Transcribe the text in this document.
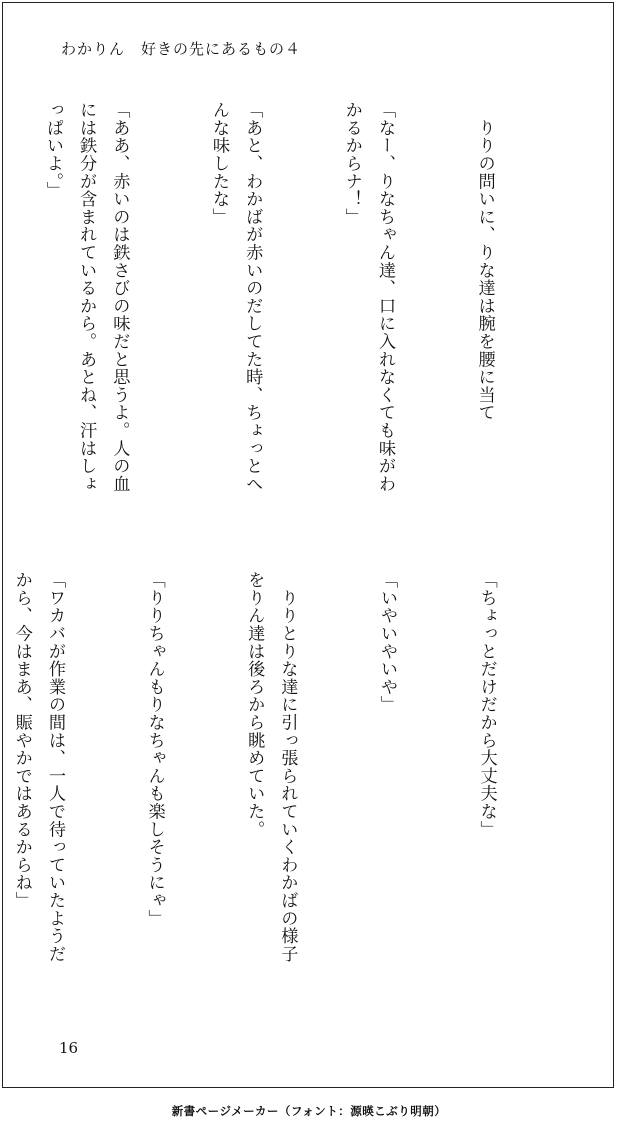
わかりん　好きの先にあるもの４

　りりの問いに、りな達は腕を腰に当て

「なー、りなちゃん達、口に入れなくても味がわ
かるからナ！」

「あと、わかばが赤いのだしてた時、ちょっとへ
んな味したな」

「ああ、赤いのは鉄さびの味だと思うよ。人の血
には鉄分が含まれているから。あとね、汗はしょ
っぱいよ。」

「ちょっとだけだから大丈夫な」

「いやいやいや」

　りりとりな達に引っ張られていくわかばの様子
をりん達は後ろから眺めていた。

「りりちゃんもりなちゃんも楽しそうにゃ」

「ワカバが作業の間は、一人で待っていたようだ
から、今はまあ、賑やかではあるからね」

16
新書ページメーカー（フォント：源暎こぶり明朝）
